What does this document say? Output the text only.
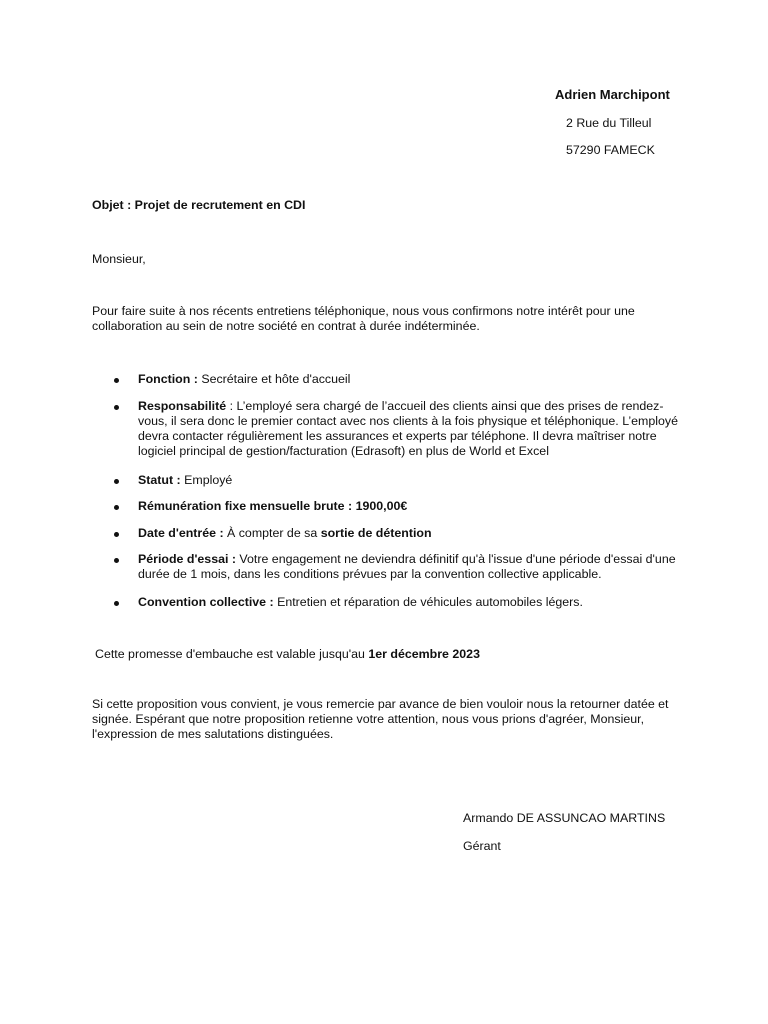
Adrien Marchipont
2 Rue du Tilleul
57290 FAMECK
Objet : Projet de recrutement en CDI
Monsieur,
Pour faire suite à nos récents entretiens téléphonique, nous vous confirmons notre intérêt pour une collaboration au sein de notre société en contrat à durée indéterminée.
Fonction : Secrétaire et hôte d'accueil
Responsabilité : L’employé sera chargé de l’accueil des clients ainsi que des prises de rendez-vous, il sera donc le premier contact avec nos clients à la fois physique et téléphonique. L’employé devra contacter régulièrement les assurances et experts par téléphone. Il devra maîtriser notre logiciel principal de gestion/facturation (Edrasoft) en plus de World et Excel
Statut : Employé
Rémunération fixe mensuelle brute : 1900,00€
Date d'entrée : À compter de sa sortie de détention
Période d'essai : Votre engagement ne deviendra définitif qu'à l'issue d'une période d'essai d'une durée de 1 mois, dans les conditions prévues par la convention collective applicable.
Convention collective : Entretien et réparation de véhicules automobiles légers.
Cette promesse d'embauche est valable jusqu'au 1er décembre 2023
Si cette proposition vous convient, je vous remercie par avance de bien vouloir nous la retourner datée et signée. Espérant que notre proposition retienne votre attention, nous vous prions d'agréer, Monsieur, l'expression de mes salutations distinguées.
Armando DE ASSUNCAO MARTINS
Gérant
